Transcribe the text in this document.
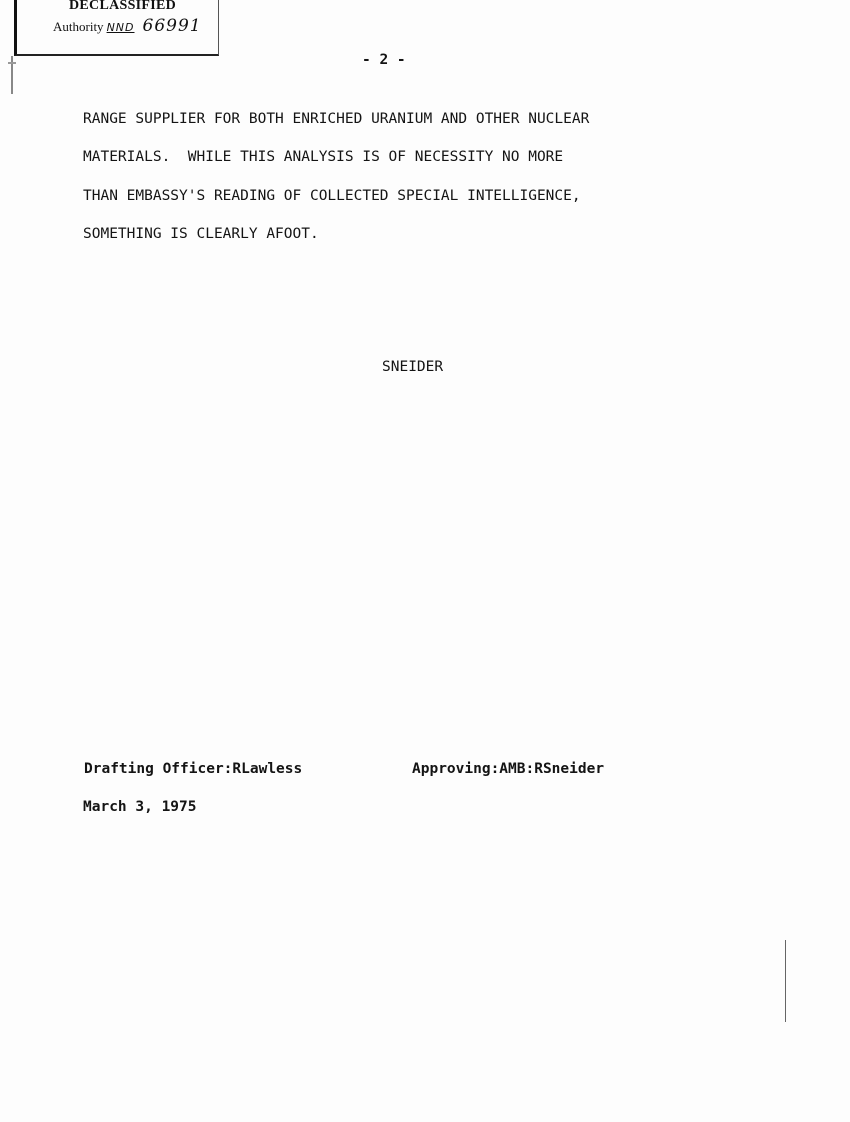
DECLASSIFIED
Authority NND 66991
- 2 -
RANGE SUPPLIER FOR BOTH ENRICHED URANIUM AND OTHER NUCLEAR
MATERIALS.  WHILE THIS ANALYSIS IS OF NECESSITY NO MORE
THAN EMBASSY'S READING OF COLLECTED SPECIAL INTELLIGENCE,
SOMETHING IS CLEARLY AFOOT.
SNEIDER
Drafting Officer:RLawless	Approving:AMB:RSneider
March 3, 1975
